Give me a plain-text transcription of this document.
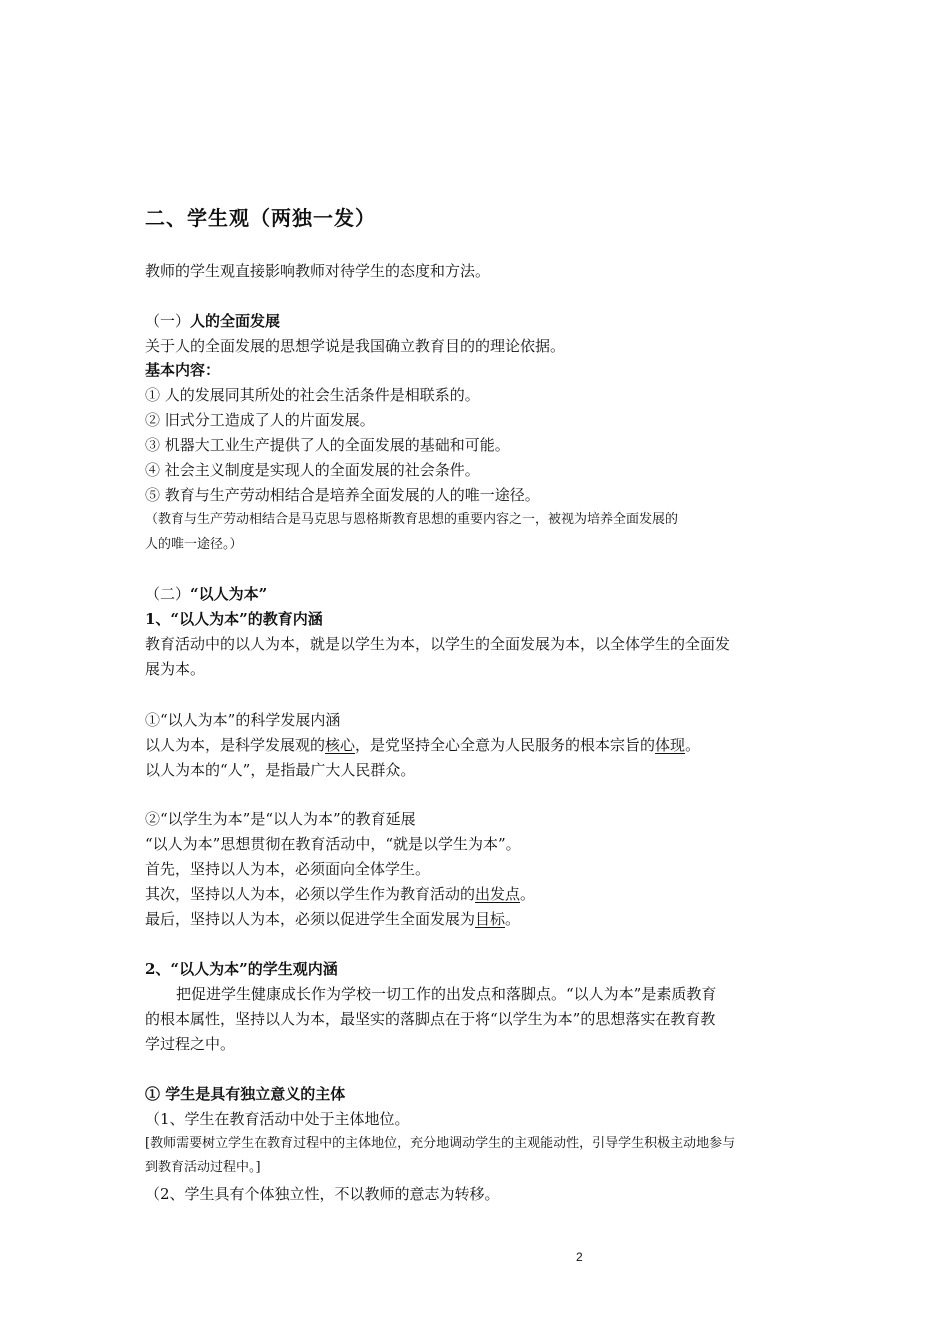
二、学生观（两独一发）
教师的学生观直接影响教师对待学生的态度和方法。
（一）人的全面发展
关于人的全面发展的思想学说是我国确立教育目的的理论依据。
基本内容：
① 人的发展同其所处的社会生活条件是相联系的。
② 旧式分工造成了人的片面发展。
③ 机器大工业生产提供了人的全面发展的基础和可能。
④ 社会主义制度是实现人的全面发展的社会条件。
⑤ 教育与生产劳动相结合是培养全面发展的人的唯一途径。
（教育与生产劳动相结合是马克思与恩格斯教育思想的重要内容之一，被视为培养全面发展的
人的唯一途径。）
（二）“以人为本”
1、“以人为本”的教育内涵
教育活动中的以人为本，就是以学生为本，以学生的全面发展为本，以全体学生的全面发
展为本。
①“以人为本”的科学发展内涵
以人为本，是科学发展观的核心，是党坚持全心全意为人民服务的根本宗旨的体现。
以人为本的“人”，是指最广大人民群众。
②“以学生为本”是“以人为本”的教育延展
“以人为本”思想贯彻在教育活动中，“就是以学生为本”。
首先，坚持以人为本，必须面向全体学生。
其次，坚持以人为本，必须以学生作为教育活动的出发点。
最后，坚持以人为本，必须以促进学生全面发展为目标。
2、“以人为本”的学生观内涵
把促进学生健康成长作为学校一切工作的出发点和落脚点。“以人为本”是素质教育
的根本属性，坚持以人为本，最坚实的落脚点在于将“以学生为本”的思想落实在教育教
学过程之中。
① 学生是具有独立意义的主体
（1、学生在教育活动中处于主体地位。
[教师需要树立学生在教育过程中的主体地位，充分地调动学生的主观能动性，引导学生积极主动地参与
到教育活动过程中。]
（2、学生具有个体独立性，不以教师的意志为转移。
2
